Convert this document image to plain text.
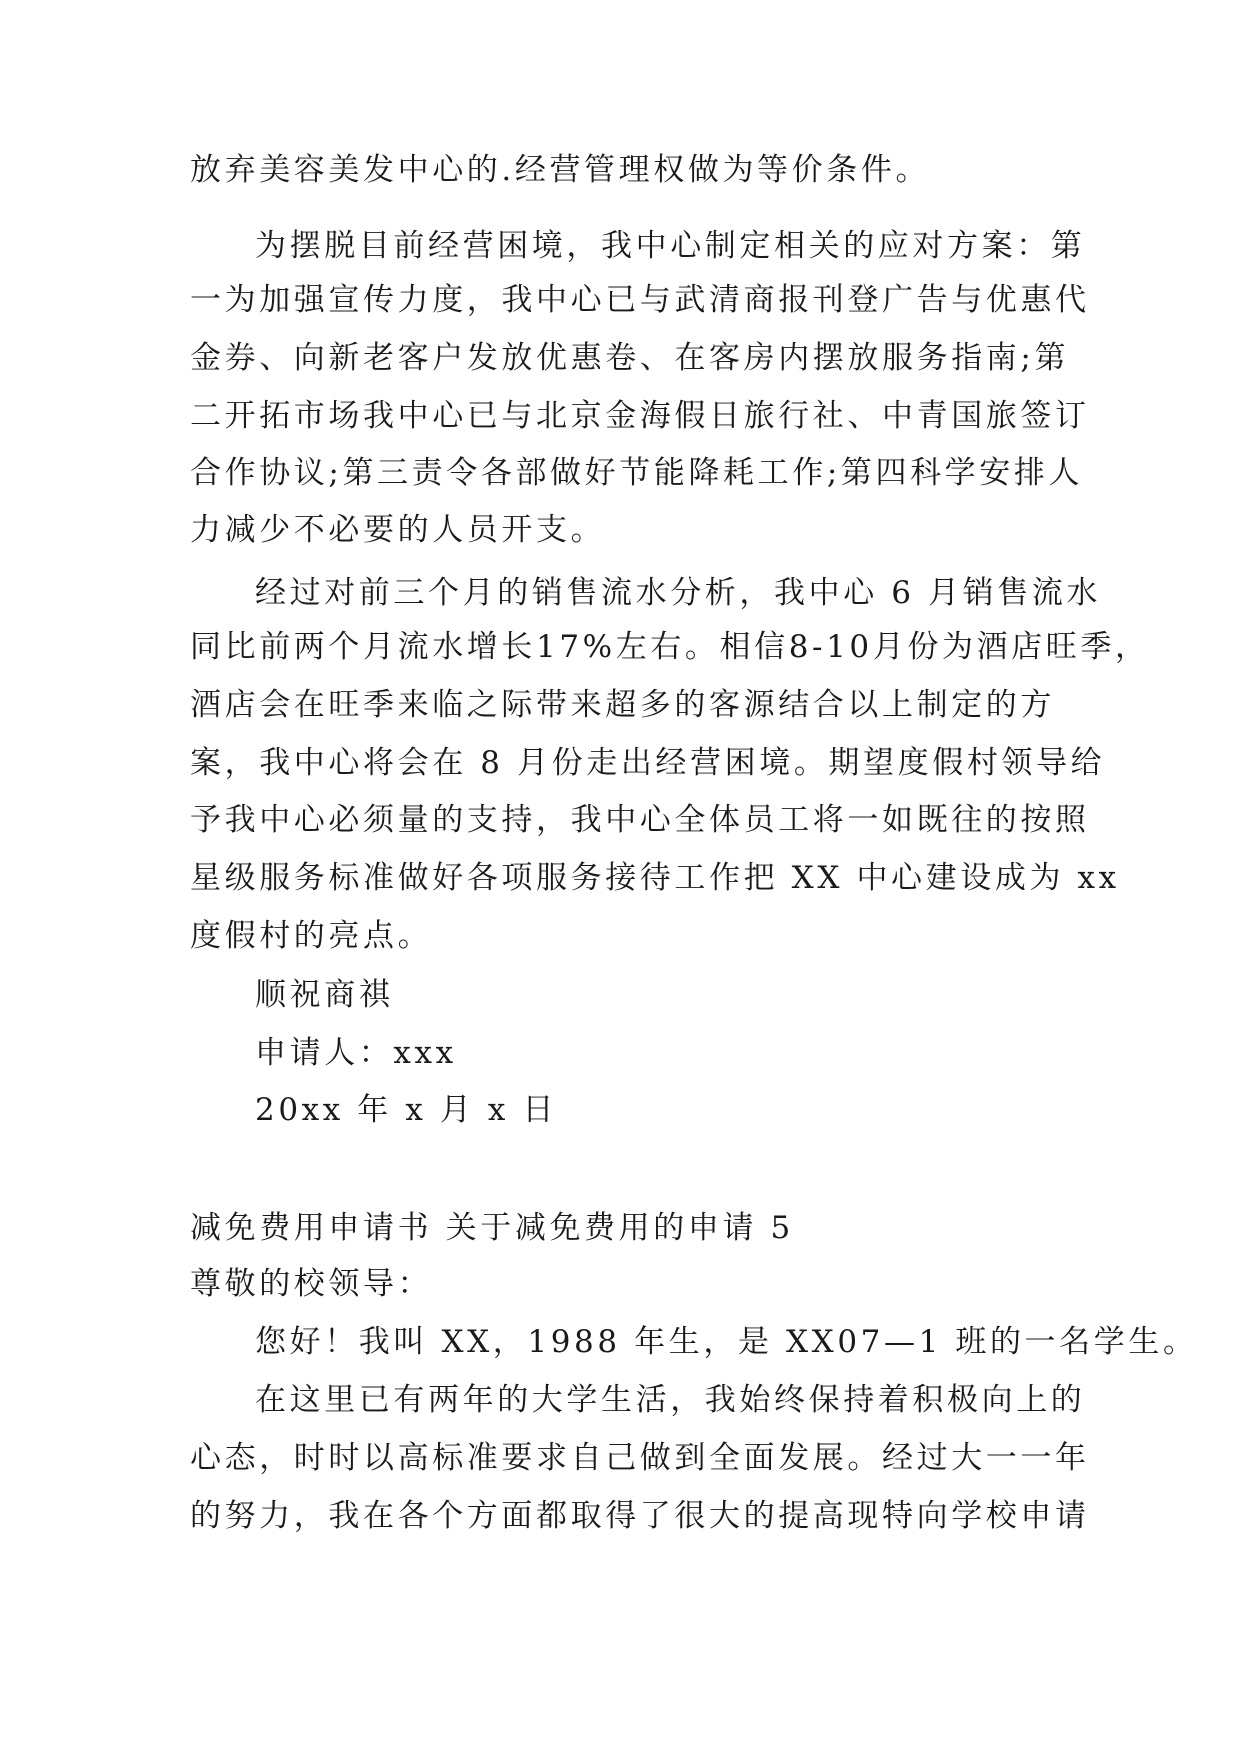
放弃美容美发中心的.经营管理权做为等价条件。
为摆脱目前经营困境，我中心制定相关的应对方案：第
一为加强宣传力度，我中心已与武清商报刊登广告与优惠代
金券、向新老客户发放优惠卷、在客房内摆放服务指南;第
二开拓市场我中心已与北京金海假日旅行社、中青国旅签订
合作协议;第三责令各部做好节能降耗工作;第四科学安排人
力减少不必要的人员开支。
经过对前三个月的销售流水分析，我中心 6 月销售流水
同比前两个月流水增长17%左右。相信8-10月份为酒店旺季，
酒店会在旺季来临之际带来超多的客源结合以上制定的方
案，我中心将会在 8 月份走出经营困境。期望度假村领导给
予我中心必须量的支持，我中心全体员工将一如既往的按照
星级服务标准做好各项服务接待工作把 XX 中心建设成为 xx
度假村的亮点。
顺祝商祺
申请人：xxx
20xx 年 x 月 x 日
减免费用申请书 关于减免费用的申请 5
尊敬的校领导：
您好！我叫 XX，1988 年生，是 XX07—1 班的一名学生。
在这里已有两年的大学生活，我始终保持着积极向上的
心态，时时以高标准要求自己做到全面发展。经过大一一年
的努力，我在各个方面都取得了很大的提高现特向学校申请
